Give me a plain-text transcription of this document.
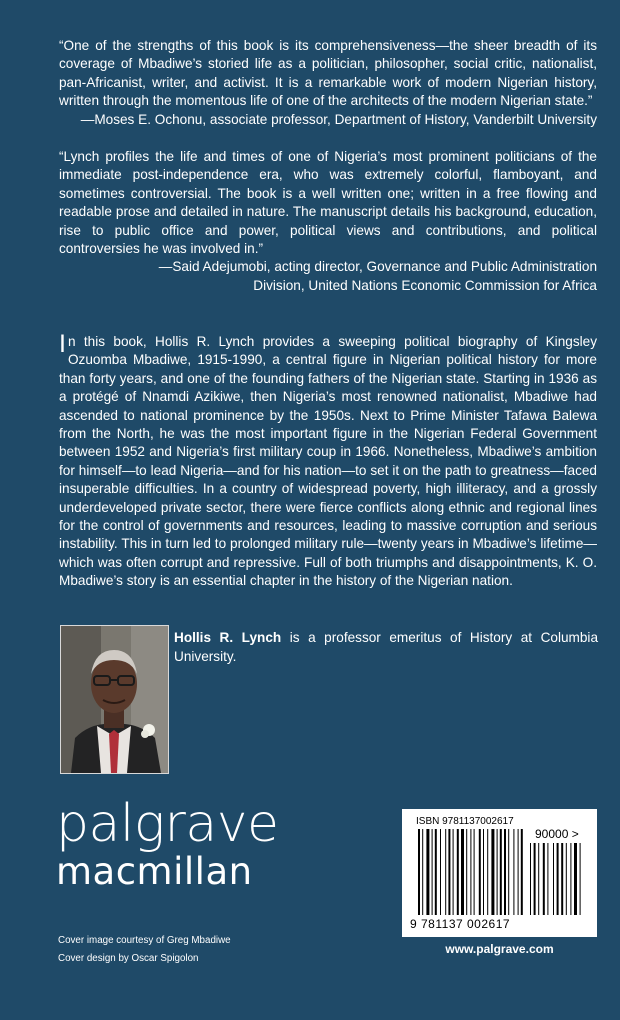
“One of the strengths of this book is its comprehensiveness—the sheer breadth of its coverage of Mbadiwe’s storied life as a politician, philosopher, social critic, nationalist, pan-Africanist, writer, and activist. It is a remarkable work of modern Nigerian history, written through the momentous life of one of the architects of the modern Nigerian state.”

—Moses E. Ochonu, associate professor, Department of History, Vanderbilt University

“Lynch profiles the life and times of one of Nigeria’s most prominent politicians of the immediate post-independence era, who was extremely colorful, flamboyant, and sometimes controversial. The book is a well written one; written in a free flowing and readable prose and detailed in nature. The manuscript details his background, education, rise to public office and power, political views and contributions, and political controversies he was involved in.”

—Said Adejumobi, acting director, Governance and Public Administration

Division, United Nations Economic Commission for Africa

In this book, Hollis R. Lynch provides a sweeping political biography of Kingsley Ozuomba Mbadiwe, 1915-1990, a central figure in Nigerian political history for more than forty years, and one of the founding fathers of the Nigerian state. Starting in 1936 as a protégé of Nnamdi Azikiwe, then Nigeria’s most renowned nationalist, Mbadiwe had ascended to national prominence by the 1950s. Next to Prime Minister Tafawa Balewa from the North, he was the most important figure in the Nigerian Federal Government between 1952 and Nigeria’s first military coup in 1966. Nonetheless, Mbadiwe’s ambition for himself—to lead Nigeria—and for his nation—to set it on the path to greatness—faced insuperable difficulties. In a country of widespread poverty, high illiteracy, and a grossly underdeveloped private sector, there were fierce conflicts along ethnic and regional lines for the control of governments and resources, leading to massive corruption and serious instability. This in turn led to prolonged military rule—twenty years in Mbadiwe’s lifetime—which was often corrupt and repressive. Full of both triumphs and disappointments, K. O. Mbadiwe’s story is an essential chapter in the history of the Nigerian nation.

Hollis R. Lynch is a professor emeritus of History at Columbia University.

palgrave
macmillan
Cover image courtesy of Greg Mbadiwe
Cover design by Oscar Spigolon
ISBN 9781137002617
90000 >
9 781137 002617
www.palgrave.com
